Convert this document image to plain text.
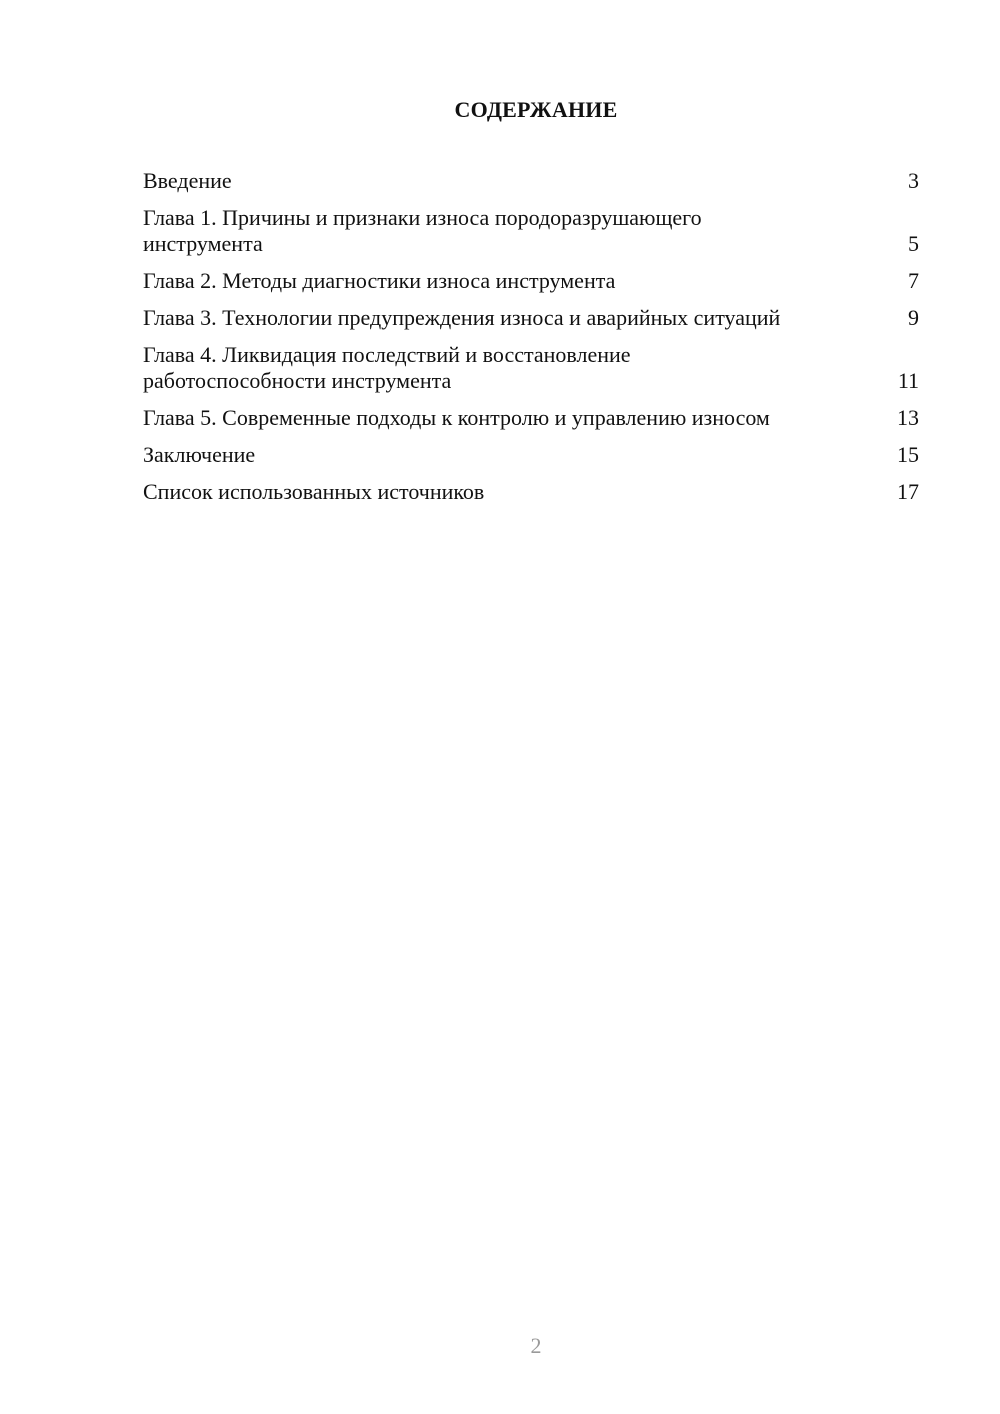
СОДЕРЖАНИЕ
Введение	3
Глава 1. Причины и признаки износа породоразрушающего инструмента	5
Глава 2. Методы диагностики износа инструмента	7
Глава 3. Технологии предупреждения износа и аварийных ситуаций	9
Глава 4. Ликвидация последствий и восстановление работоспособности инструмента	11
Глава 5. Современные подходы к контролю и управлению износом	13
Заключение	15
Список использованных источников	17
2
